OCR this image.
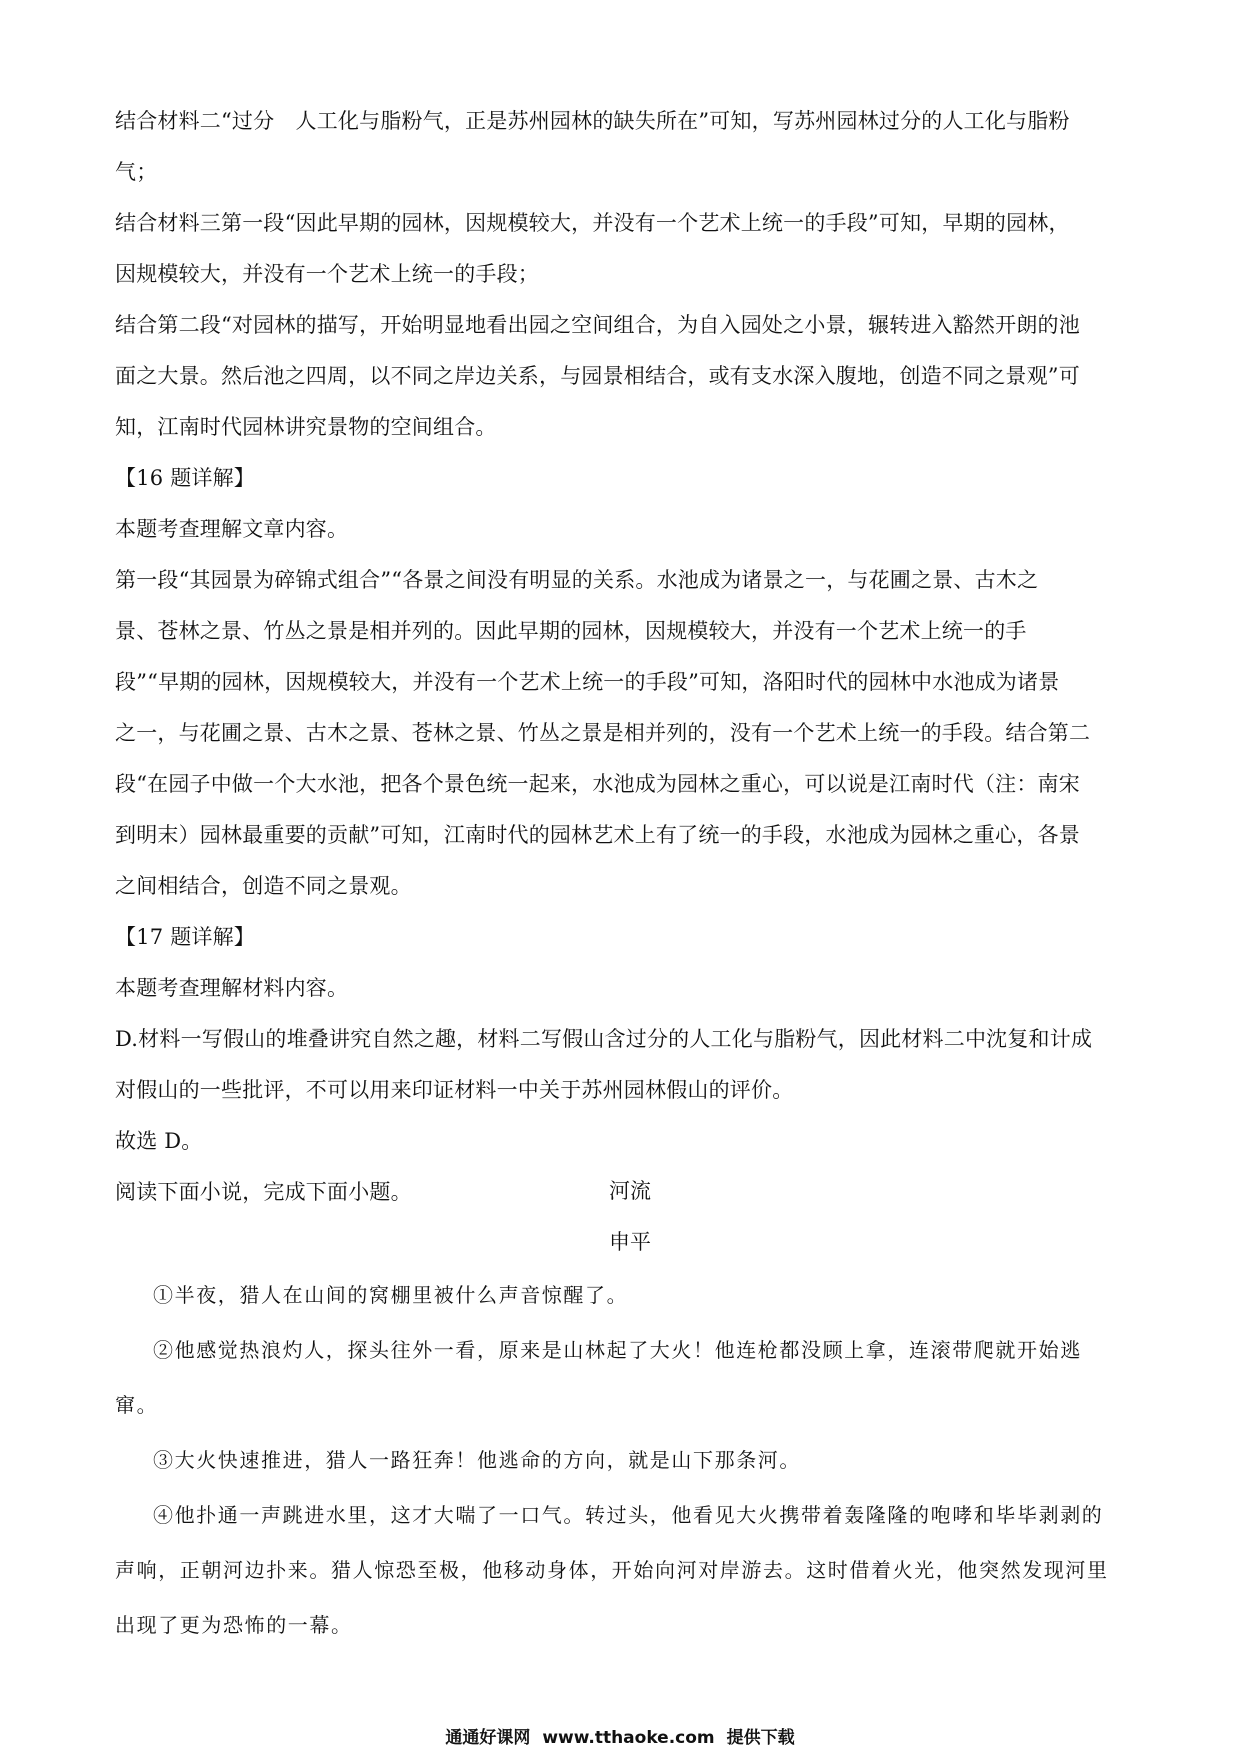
结合材料二“过分　人工化与脂粉气，正是苏州园林的缺失所在”可知，写苏州园林过分的人工化与脂粉

气；

结合材料三第一段“因此早期的园林，因规模较大，并没有一个艺术上统一的手段”可知，早期的园林，

因规模较大，并没有一个艺术上统一的手段；

结合第二段“对园林的描写，开始明显地看出园之空间组合，为自入园处之小景，辗转进入豁然开朗的池

面之大景。然后池之四周，以不同之岸边关系，与园景相结合，或有支水深入腹地，创造不同之景观”可

知，江南时代园林讲究景物的空间组合。

【16 题详解】

本题考查理解文章内容。

第一段“其园景为碎锦式组合”“各景之间没有明显的关系。水池成为诸景之一，与花圃之景、古木之

景、苍林之景、竹丛之景是相并列的。因此早期的园林，因规模较大，并没有一个艺术上统一的手

段”“早期的园林，因规模较大，并没有一个艺术上统一的手段”可知，洛阳时代的园林中水池成为诸景

之一，与花圃之景、古木之景、苍林之景、竹丛之景是相并列的，没有一个艺术上统一的手段。结合第二

段“在园子中做一个大水池，把各个景色统一起来，水池成为园林之重心，可以说是江南时代（注：南宋

到明末）园林最重要的贡献”可知，江南时代的园林艺术上有了统一的手段，水池成为园林之重心，各景

之间相结合，创造不同之景观。

【17 题详解】

本题考查理解材料内容。

D.材料一写假山的堆叠讲究自然之趣，材料二写假山含过分的人工化与脂粉气，因此材料二中沈复和计成

对假山的一些批评，不可以用来印证材料一中关于苏州园林假山的评价。

故选 D。

阅读下面小说，完成下面小题。	河流

申平

①半夜，猎人在山间的窝棚里被什么声音惊醒了。

②他感觉热浪灼人，探头往外一看，原来是山林起了大火！他连枪都没顾上拿，连滚带爬就开始逃

窜。

③大火快速推进，猎人一路狂奔！他逃命的方向，就是山下那条河。

④他扑通一声跳进水里，这才大喘了一口气。转过头，他看见大火携带着轰隆隆的咆哮和毕毕剥剥的

声响，正朝河边扑来。猎人惊恐至极，他移动身体，开始向河对岸游去。这时借着火光，他突然发现河里

出现了更为恐怖的一幕。

通通好课网 www.tthaoke.com 提供下载
